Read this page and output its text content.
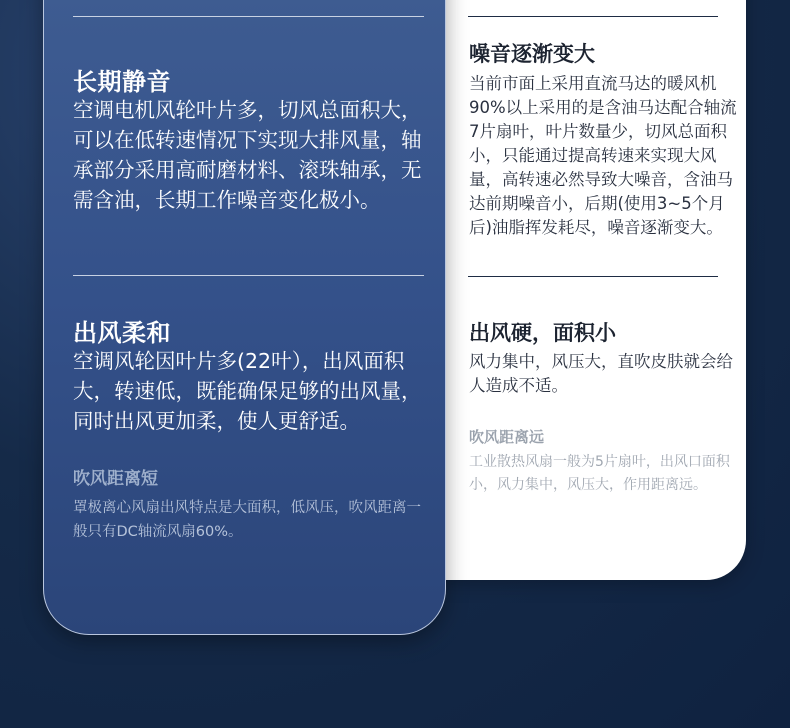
长期静音
空调电机风轮叶片多，切风总面积大，可以在低转速情况下实现大排风量，轴承部分采用高耐磨材料、滚珠轴承，无需含油，长期工作噪音变化极小。
出风柔和
空调风轮因叶片多(22叶），出风面积大，转速低，既能确保足够的出风量，同时出风更加柔，使人更舒适。
吹风距离短
罩极离心风扇出风特点是大面积，低风压，吹风距离一般只有DC轴流风扇60%。
噪音逐渐变大
当前市面上采用直流马达的暖风机90%以上采用的是含油马达配合轴流7片扇叶，叶片数量少，切风总面积小，只能通过提高转速来实现大风量，高转速必然导致大噪音，含油马达前期噪音小，后期(使用3~5个月后)油脂挥发耗尽，噪音逐渐变大。
出风硬，面积小
风力集中，风压大，直吹皮肤就会给人造成不适。
吹风距离远
工业散热风扇一般为5片扇叶，出风口面积小，风力集中，风压大，作用距离远。
